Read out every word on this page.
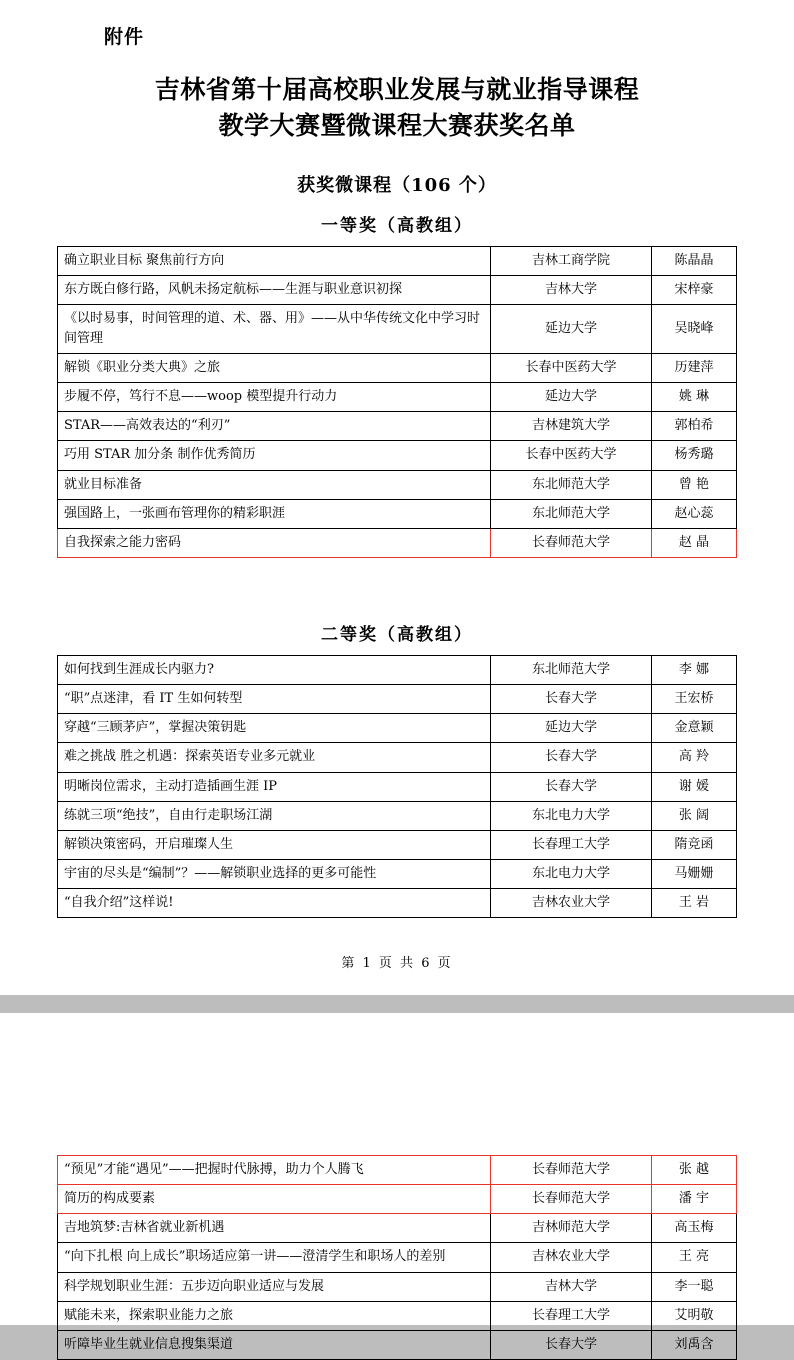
附件
吉林省第十届高校职业发展与就业指导课程
教学大赛暨微课程大赛获奖名单
获奖微课程（106 个）
一等奖（高教组）
确立职业目标 聚焦前行方向	吉林工商学院	陈晶晶
东方既白修行路，风帆未扬定航标——生涯与职业意识初探	吉林大学	宋梓豪
《以时易事，时间管理的道、术、器、用》——从中华传统文化中学习时间管理	延边大学	吴晓峰
解锁《职业分类大典》之旅	长春中医药大学	历建萍
步履不停，笃行不息——woop 模型提升行动力	延边大学	姚 琳
STAR——高效表达的“利刃”	吉林建筑大学	郭柏希
巧用 STAR 加分条 制作优秀简历	长春中医药大学	杨秀璐
就业目标准备	东北师范大学	曾 艳
强国路上，一张画布管理你的精彩职涯	东北师范大学	赵心蕊
自我探索之能力密码	长春师范大学	赵 晶
二等奖（高教组）
如何找到生涯成长内驱力?	东北师范大学	李 娜
“职”点迷津，看 IT 生如何转型	长春大学	王宏桥
穿越“三顾茅庐”，掌握决策钥匙	延边大学	金意颖
难之挑战 胜之机遇：探索英语专业多元就业	长春大学	高 羚
明晰岗位需求，主动打造插画生涯 IP	长春大学	谢 媛
练就三项“绝技”，自由行走职场江湖	东北电力大学	张 阔
解锁决策密码，开启璀璨人生	长春理工大学	隋竞函
宇宙的尽头是“编制”？——解锁职业选择的更多可能性	东北电力大学	马姗姗
“自我介绍”这样说!	吉林农业大学	王 岩
第 1 页 共 6 页
“预见”才能“遇见”——把握时代脉搏，助力个人腾飞	长春师范大学	张 越
简历的构成要素	长春师范大学	潘 宇
吉地筑梦:吉林省就业新机遇	吉林师范大学	高玉梅
“向下扎根 向上成长”职场适应第一讲——澄清学生和职场人的差别	吉林农业大学	王 亮
科学规划职业生涯：五步迈向职业适应与发展	吉林大学	李一聪
赋能未来，探索职业能力之旅	长春理工大学	艾明敬
听障毕业生就业信息搜集渠道	长春大学	刘禹含
